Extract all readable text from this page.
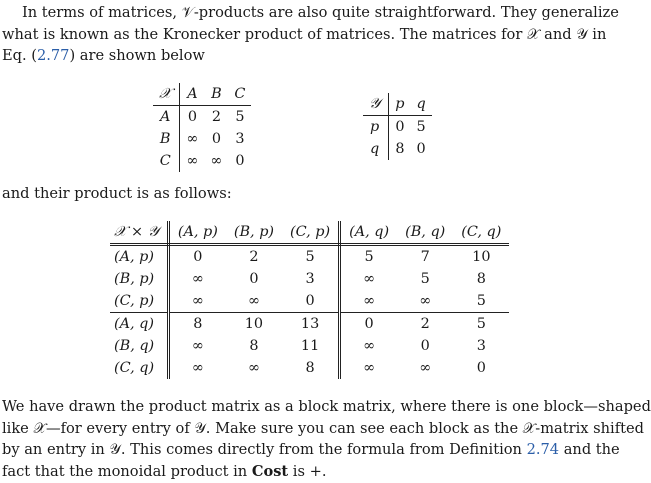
In terms of matrices, 𝒱-products are also quite straightforward. They generalize
what is known as the Kronecker product of matrices. The matrices for 𝒳 and 𝒴 in
Eq. (2.77) are shown below
𝒳	A	B	C
A	0	2	5
B	∞	0	3
C	∞	∞	0
𝒴	p	q
p	0	5
q	8	0
and their product is as follows:
𝒳 × 𝒴	(A, p)	(B, p)	(C, p)	(A, q)	(B, q)	(C, q)
(A, p)	0	2	5	5	7	10
(B, p)	∞	0	3	∞	5	8
(C, p)	∞	∞	0	∞	∞	5
(A, q)	8	10	13	0	2	5
(B, q)	∞	8	11	∞	0	3
(C, q)	∞	∞	8	∞	∞	0
We have drawn the product matrix as a block matrix, where there is one block—shaped
like 𝒳—for every entry of 𝒴. Make sure you can see each block as the 𝒳-matrix shifted
by an entry in 𝒴. This comes directly from the formula from Definition 2.74 and the
fact that the monoidal product in Cost is +.
